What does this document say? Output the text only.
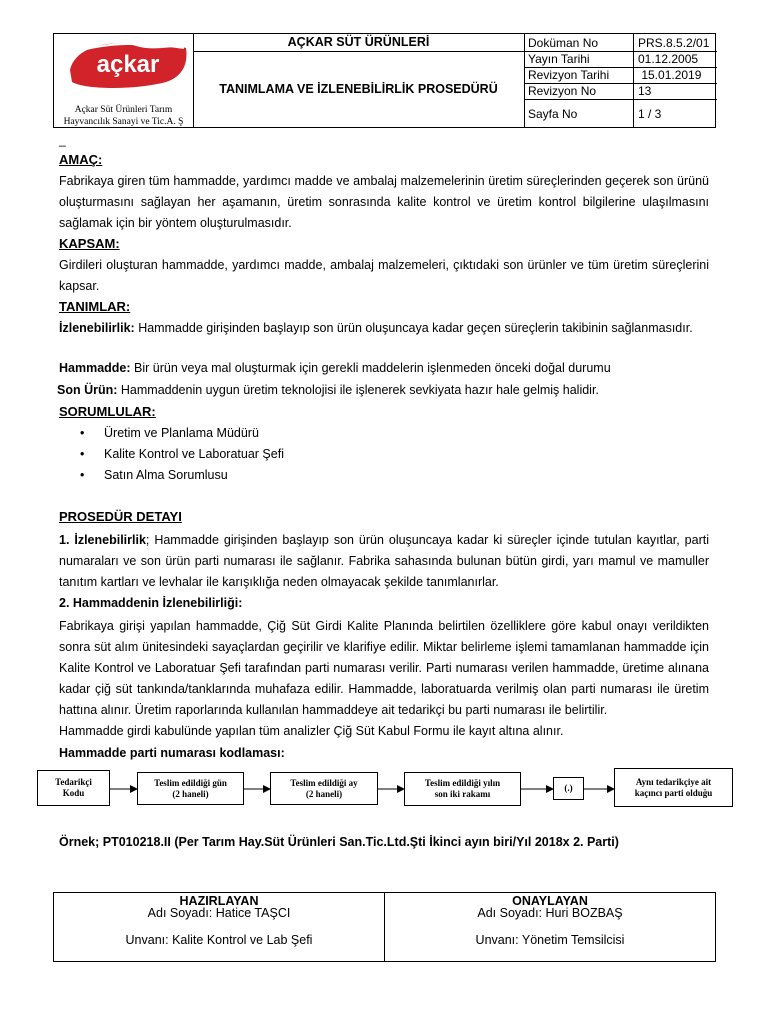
açkar
Açkar Süt Ürünleri Tarım
Hayvancılık Sanayi ve Tic.A. Ş
AÇKAR SÜT ÜRÜNLERİ
TANIMLAMA VE İZLENEBİLİRLİK PROSEDÜRÜ
Doküman No	PRS.8.5.2/01
Yayın Tarihi	01.12.2005
Revizyon Tarihi 15.01.2019
Revizyon No	13
Sayfa No	1 / 3
_
AMAÇ:
Fabrikaya giren tüm hammadde, yardımcı madde ve ambalaj malzemelerinin üretim süreçlerinden geçerek son ürünü oluşturmasını sağlayan her aşamanın, üretim sonrasında kalite kontrol ve üretim kontrol bilgilerine ulaşılmasını sağlamak için bir yöntem oluşturulmasıdır.
KAPSAM:
Girdileri oluşturan hammadde, yardımcı madde, ambalaj malzemeleri, çıktıdaki son ürünler ve tüm üretim süreçlerini kapsar.
TANIMLAR:
İzlenebilirlik: Hammadde girişinden başlayıp son ürün oluşuncaya kadar geçen süreçlerin takibinin sağlanmasıdır.
Hammadde: Bir ürün veya mal oluşturmak için gerekli maddelerin işlenmeden önceki doğal durumu
Son Ürün: Hammaddenin uygun üretim teknolojisi ile işlenerek sevkiyata hazır hale gelmiş halidir.
SORUMLULAR:
• Üretim ve Planlama Müdürü
• Kalite Kontrol ve Laboratuar Şefi
• Satın Alma Sorumlusu
PROSEDÜR DETAYI
1. İzlenebilirlik; Hammadde girişinden başlayıp son ürün oluşuncaya kadar ki süreçler içinde tutulan kayıtlar, parti numaraları ve son ürün parti numarası ile sağlanır. Fabrika sahasında bulunan bütün girdi, yarı mamul ve mamuller tanıtım kartları ve levhalar ile karışıklığa neden olmayacak şekilde tanımlanırlar.
2. Hammaddenin İzlenebilirliği:
Fabrikaya girişi yapılan hammadde, Çiğ Süt Girdi Kalite Planında belirtilen özelliklere göre kabul onayı verildikten sonra süt alım ünitesindeki sayaçlardan geçirilir ve klarifiye edilir. Miktar belirleme işlemi tamamlanan hammadde için Kalite Kontrol ve Laboratuar Şefi tarafından parti numarası verilir. Parti numarası verilen hammadde, üretime alınana kadar çiğ süt tankında/tanklarında muhafaza edilir. Hammadde, laboratuarda verilmiş olan parti numarası ile üretim hattına alınır. Üretim raporlarında kullanılan hammaddeye ait tedarikçi bu parti numarası ile belirtilir.
Hammadde girdi kabulünde yapılan tüm analizler Çiğ Süt Kabul Formu ile kayıt altına alınır.
Hammadde parti numarası kodlaması:
Tedarikçi
Kodu
Teslim edildiği gün
(2 haneli)
Teslim edildiği ay
(2 haneli)
Teslim edildiği yılın
son iki rakamı
(.)
Aynı tedarikçiye ait
kaçıncı parti olduğu
Örnek; PT010218.II (Per Tarım Hay.Süt Ürünleri San.Tic.Ltd.Şti İkinci ayın biri/Yıl 2018x 2. Parti)
HAZIRLAYAN
Adı Soyadı: Hatice TAŞCI
Unvanı: Kalite Kontrol ve Lab Şefi
ONAYLAYAN
Adı Soyadı: Huri BOZBAŞ
Unvanı: Yönetim Temsilcisi
